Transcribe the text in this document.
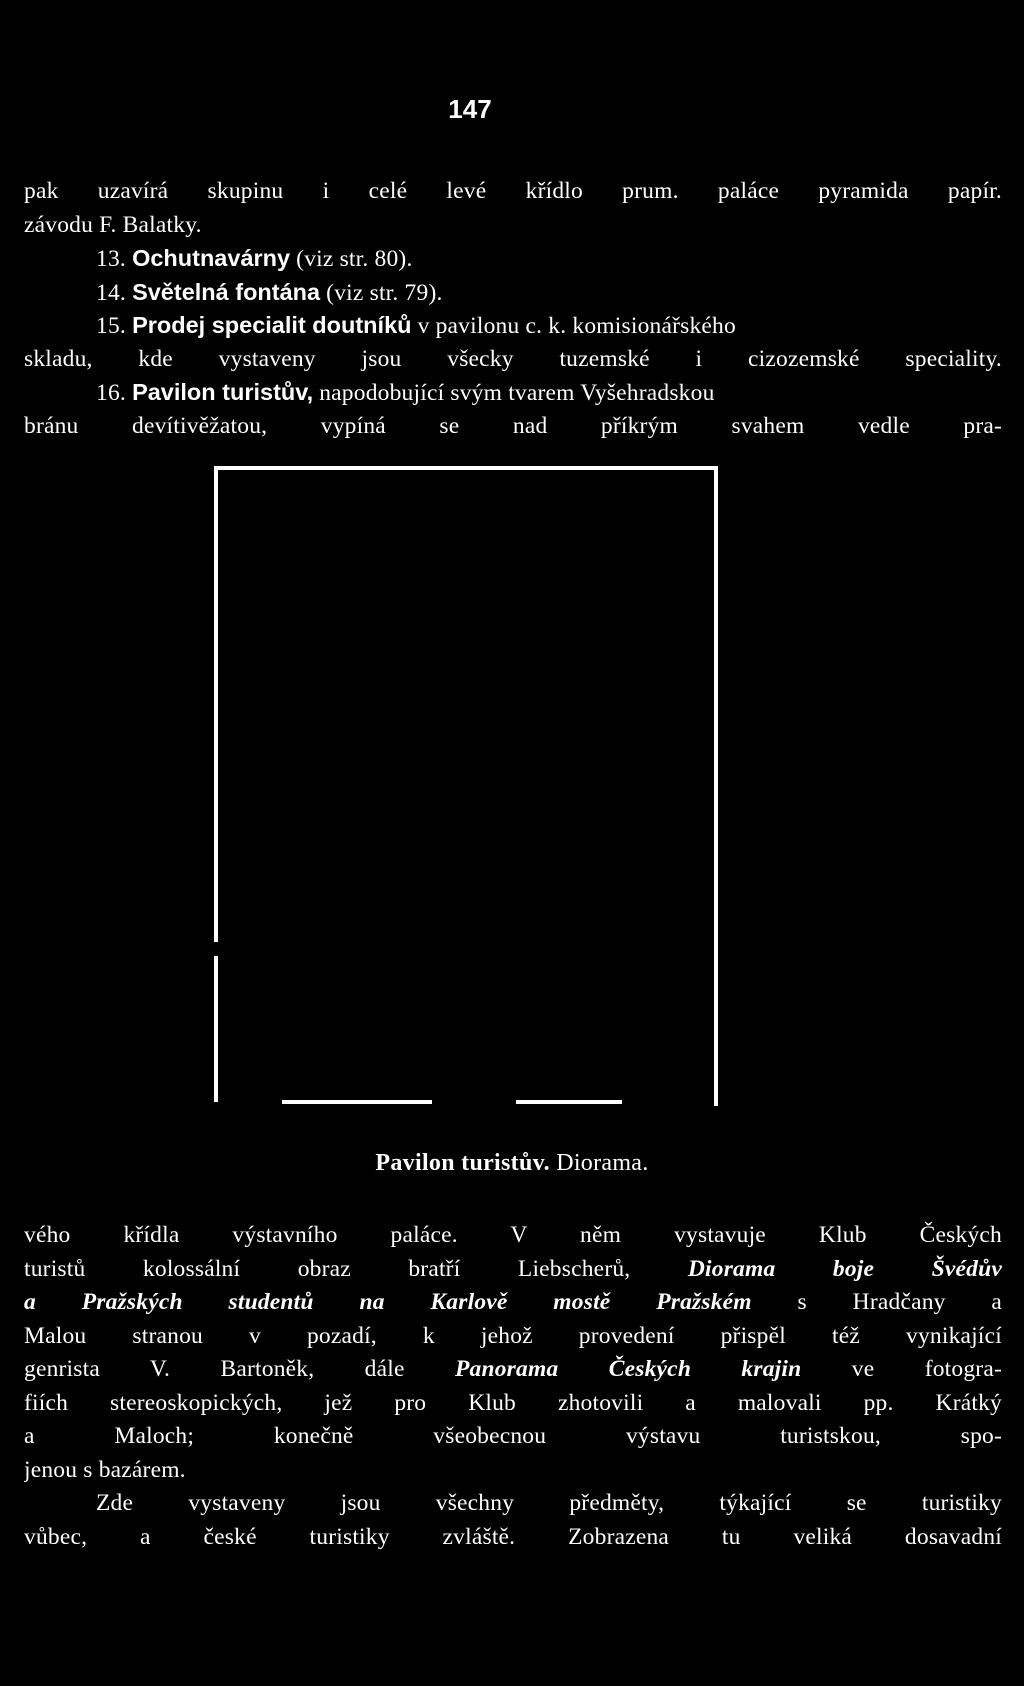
147
pak uzavírá skupinu i celé levé křídlo prum. paláce pyramida papír.
závodu F. Balatky.
13. Ochutnavárny (viz str. 80).
14. Světelná fontána (viz str. 79).
15. Prodej specialit doutníků v pavilonu c. k. komisionářského
skladu, kde vystaveny jsou všecky tuzemské i cizozemské speciality.
16. Pavilon turistův, napodobující svým tvarem Vyšehradskou
bránu devítivěžatou, vypíná se nad příkrým svahem vedle pra-
Pavilon turistův. Diorama.
vého křídla výstavního paláce. V něm vystavuje Klub Českých
turistů kolossální obraz bratří Liebscherů, Diorama boje Švédův
a Pražských studentů na Karlově mostě Pražském s Hradčany a
Malou stranou v pozadí, k jehož provedení přispěl též vynikající
genrista V. Bartoněk, dále Panorama Českých krajin ve fotogra-
fiích stereoskopických, jež pro Klub zhotovili a malovali pp. Krátký
a Maloch; konečně všeobecnou výstavu turistskou, spo-
jenou s bazárem.
Zde vystaveny jsou všechny předměty, týkající se turistiky
vůbec, a české turistiky zvláště. Zobrazena tu veliká dosavadní
